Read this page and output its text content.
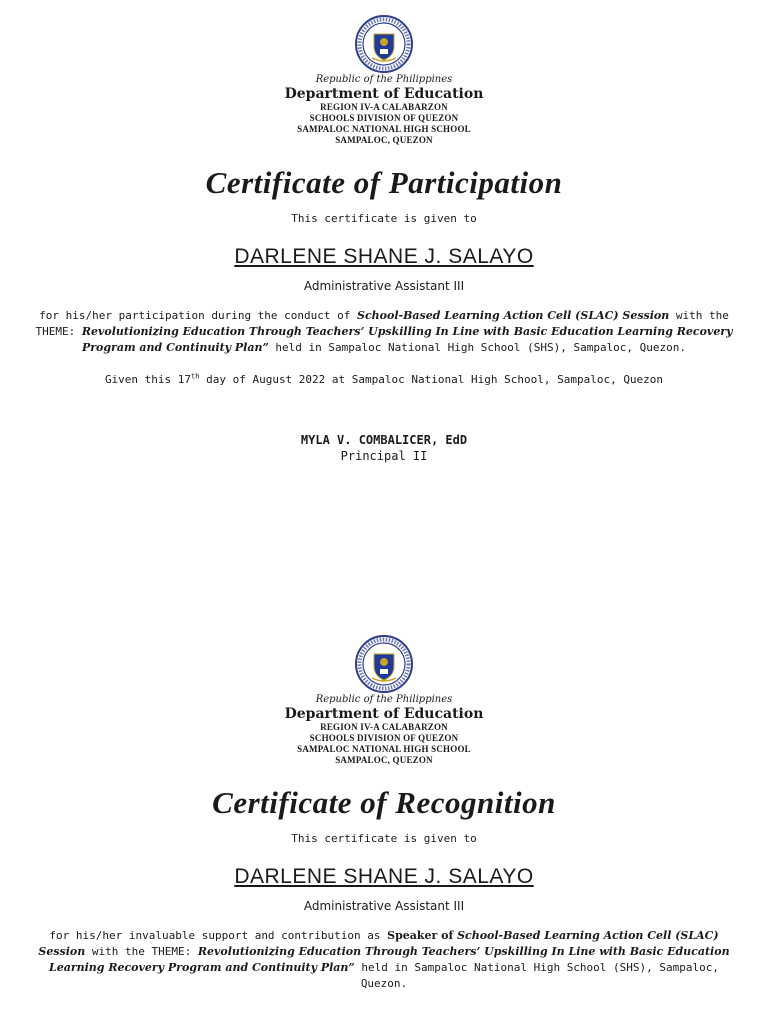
Republic of the Philippines
Department of Education
REGION IV-A CALABARZON
SCHOOLS DIVISION OF QUEZON
SAMPALOC NATIONAL HIGH SCHOOL
SAMPALOC, QUEZON
Certificate of Participation
This certificate is given to
DARLENE SHANE J. SALAYO
Administrative Assistant III
for his/her participation during the conduct of School-Based Learning Action Cell (SLAC) Session with the THEME: Revolutionizing Education Through Teachers’ Upskilling In Line with Basic Education Learning Recovery Program and Continuity Plan” held in Sampaloc National High School (SHS), Sampaloc, Quezon.
Given this 17th day of August 2022 at Sampaloc National High School, Sampaloc, Quezon
MYLA V. COMBALICER, EdD
Principal II
Republic of the Philippines
Department of Education
REGION IV-A CALABARZON
SCHOOLS DIVISION OF QUEZON
SAMPALOC NATIONAL HIGH SCHOOL
SAMPALOC, QUEZON
Certificate of Recognition
This certificate is given to
DARLENE SHANE J. SALAYO
Administrative Assistant III
for his/her invaluable support and contribution as Speaker of School-Based Learning Action Cell (SLAC) Session with the THEME: Revolutionizing Education Through Teachers’ Upskilling In Line with Basic Education Learning Recovery Program and Continuity Plan” held in Sampaloc National High School (SHS), Sampaloc, Quezon.
